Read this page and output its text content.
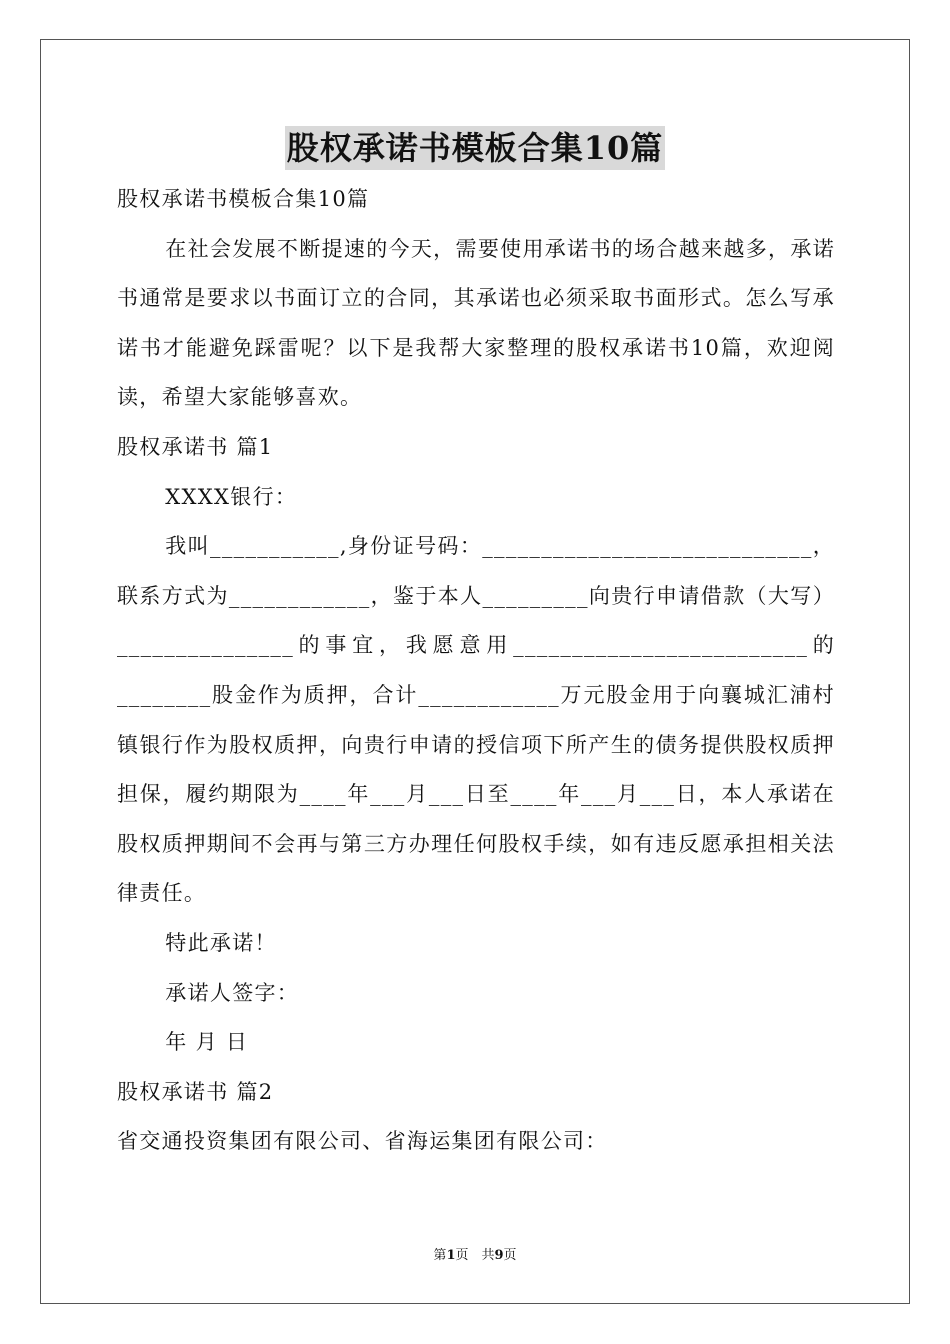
股权承诺书模板合集10篇

股权承诺书模板合集10篇

在社会发展不断提速的今天，需要使用承诺书的场合越来越多，承诺书通常是要求以书面订立的合同，其承诺也必须采取书面形式。怎么写承诺书才能避免踩雷呢？以下是我帮大家整理的股权承诺书10篇，欢迎阅读，希望大家能够喜欢。

股权承诺书 篇1

XXXX银行：

我叫___________,身份证号码：____________________________，联系方式为____________，鉴于本人_________向贵行申请借款（大写）_______________的事宜，我愿意用_________________________的________股金作为质押，合计____________万元股金用于向襄城汇浦村镇银行作为股权质押，向贵行申请的授信项下所产生的债务提供股权质押担保，履约期限为____年___月___日至____年___月___日，本人承诺在股权质押期间不会再与第三方办理任何股权手续，如有违反愿承担相关法律责任。

特此承诺！

承诺人签字：

年 月 日

股权承诺书 篇2

省交通投资集团有限公司、省海运集团有限公司：

第1页　共9页
